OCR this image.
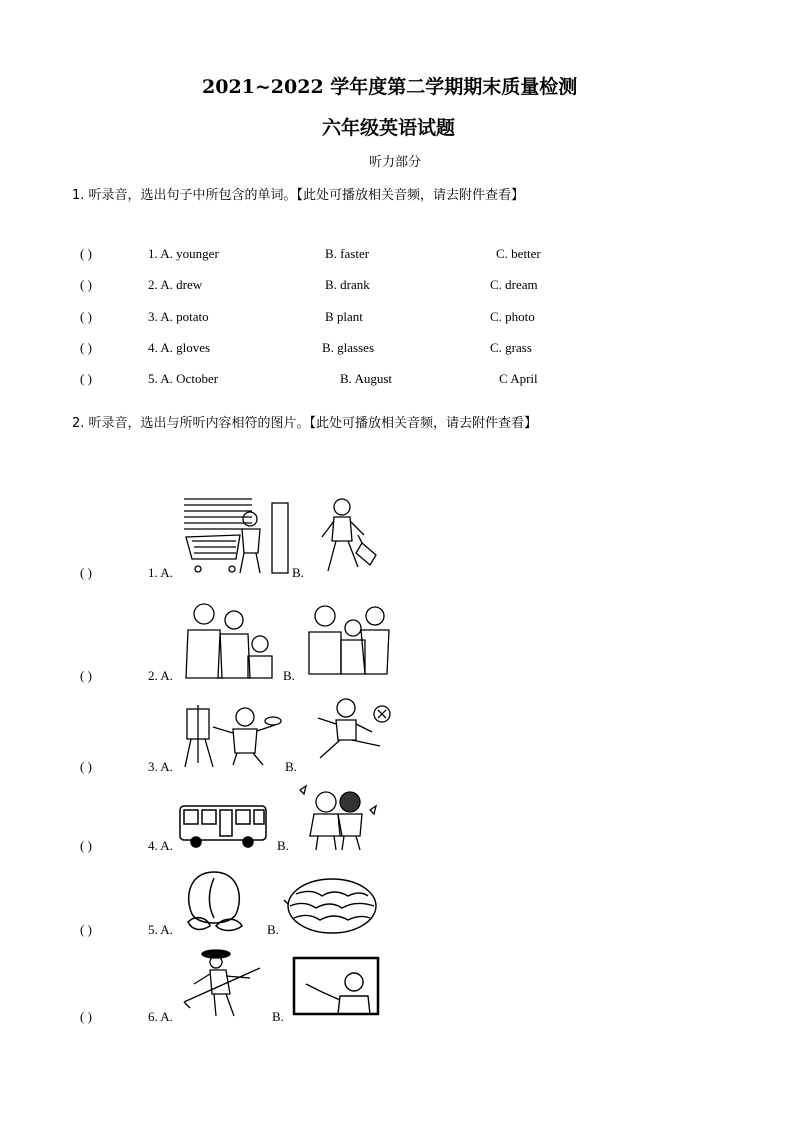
2021~2022 学年度第二学期期末质量检测
六年级英语试题
听力部分
1. 听录音，选出句子中所包含的单词。【此处可播放相关音频，请去附件查看】
( )	1. A. younger	B. faster	C. better
( )	2. A. drew	B. drank	C. dream
( )	3. A. potato	B plant	C. photo
( )	4. A. gloves	B. glasses	C. grass
( )	5. A. October	B. August	C April
2. 听录音，选出与所听内容相符的图片。【此处可播放相关音频，请去附件查看】
( )	1. A.	B.
( )	2. A.	B.
( )	3. A.	B.
( )	4. A.	B.
( )	5. A.	B.
( )	6. A.	B.
